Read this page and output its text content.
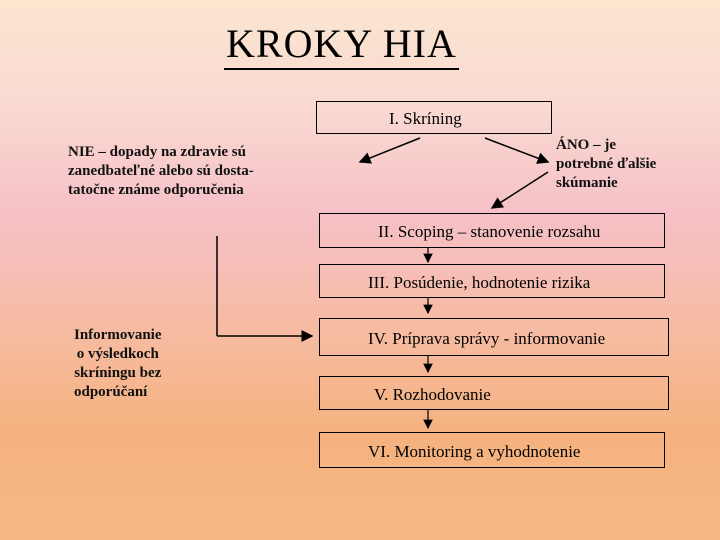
KROKY HIA
I. Skríning
NIE – dopady na zdravie sú
zanedbateľné alebo sú dosta-
tatočne známe odporučenia
ÁNO – je
potrebné ďalšie
skúmanie
II. Scoping – stanovenie rozsahu
III. Posúdenie, hodnotenie rizika
Informovanie
o výsledkoch
skríningu bez
odporúčaní
IV. Príprava správy - informovanie
V. Rozhodovanie
VI. Monitoring a vyhodnotenie
